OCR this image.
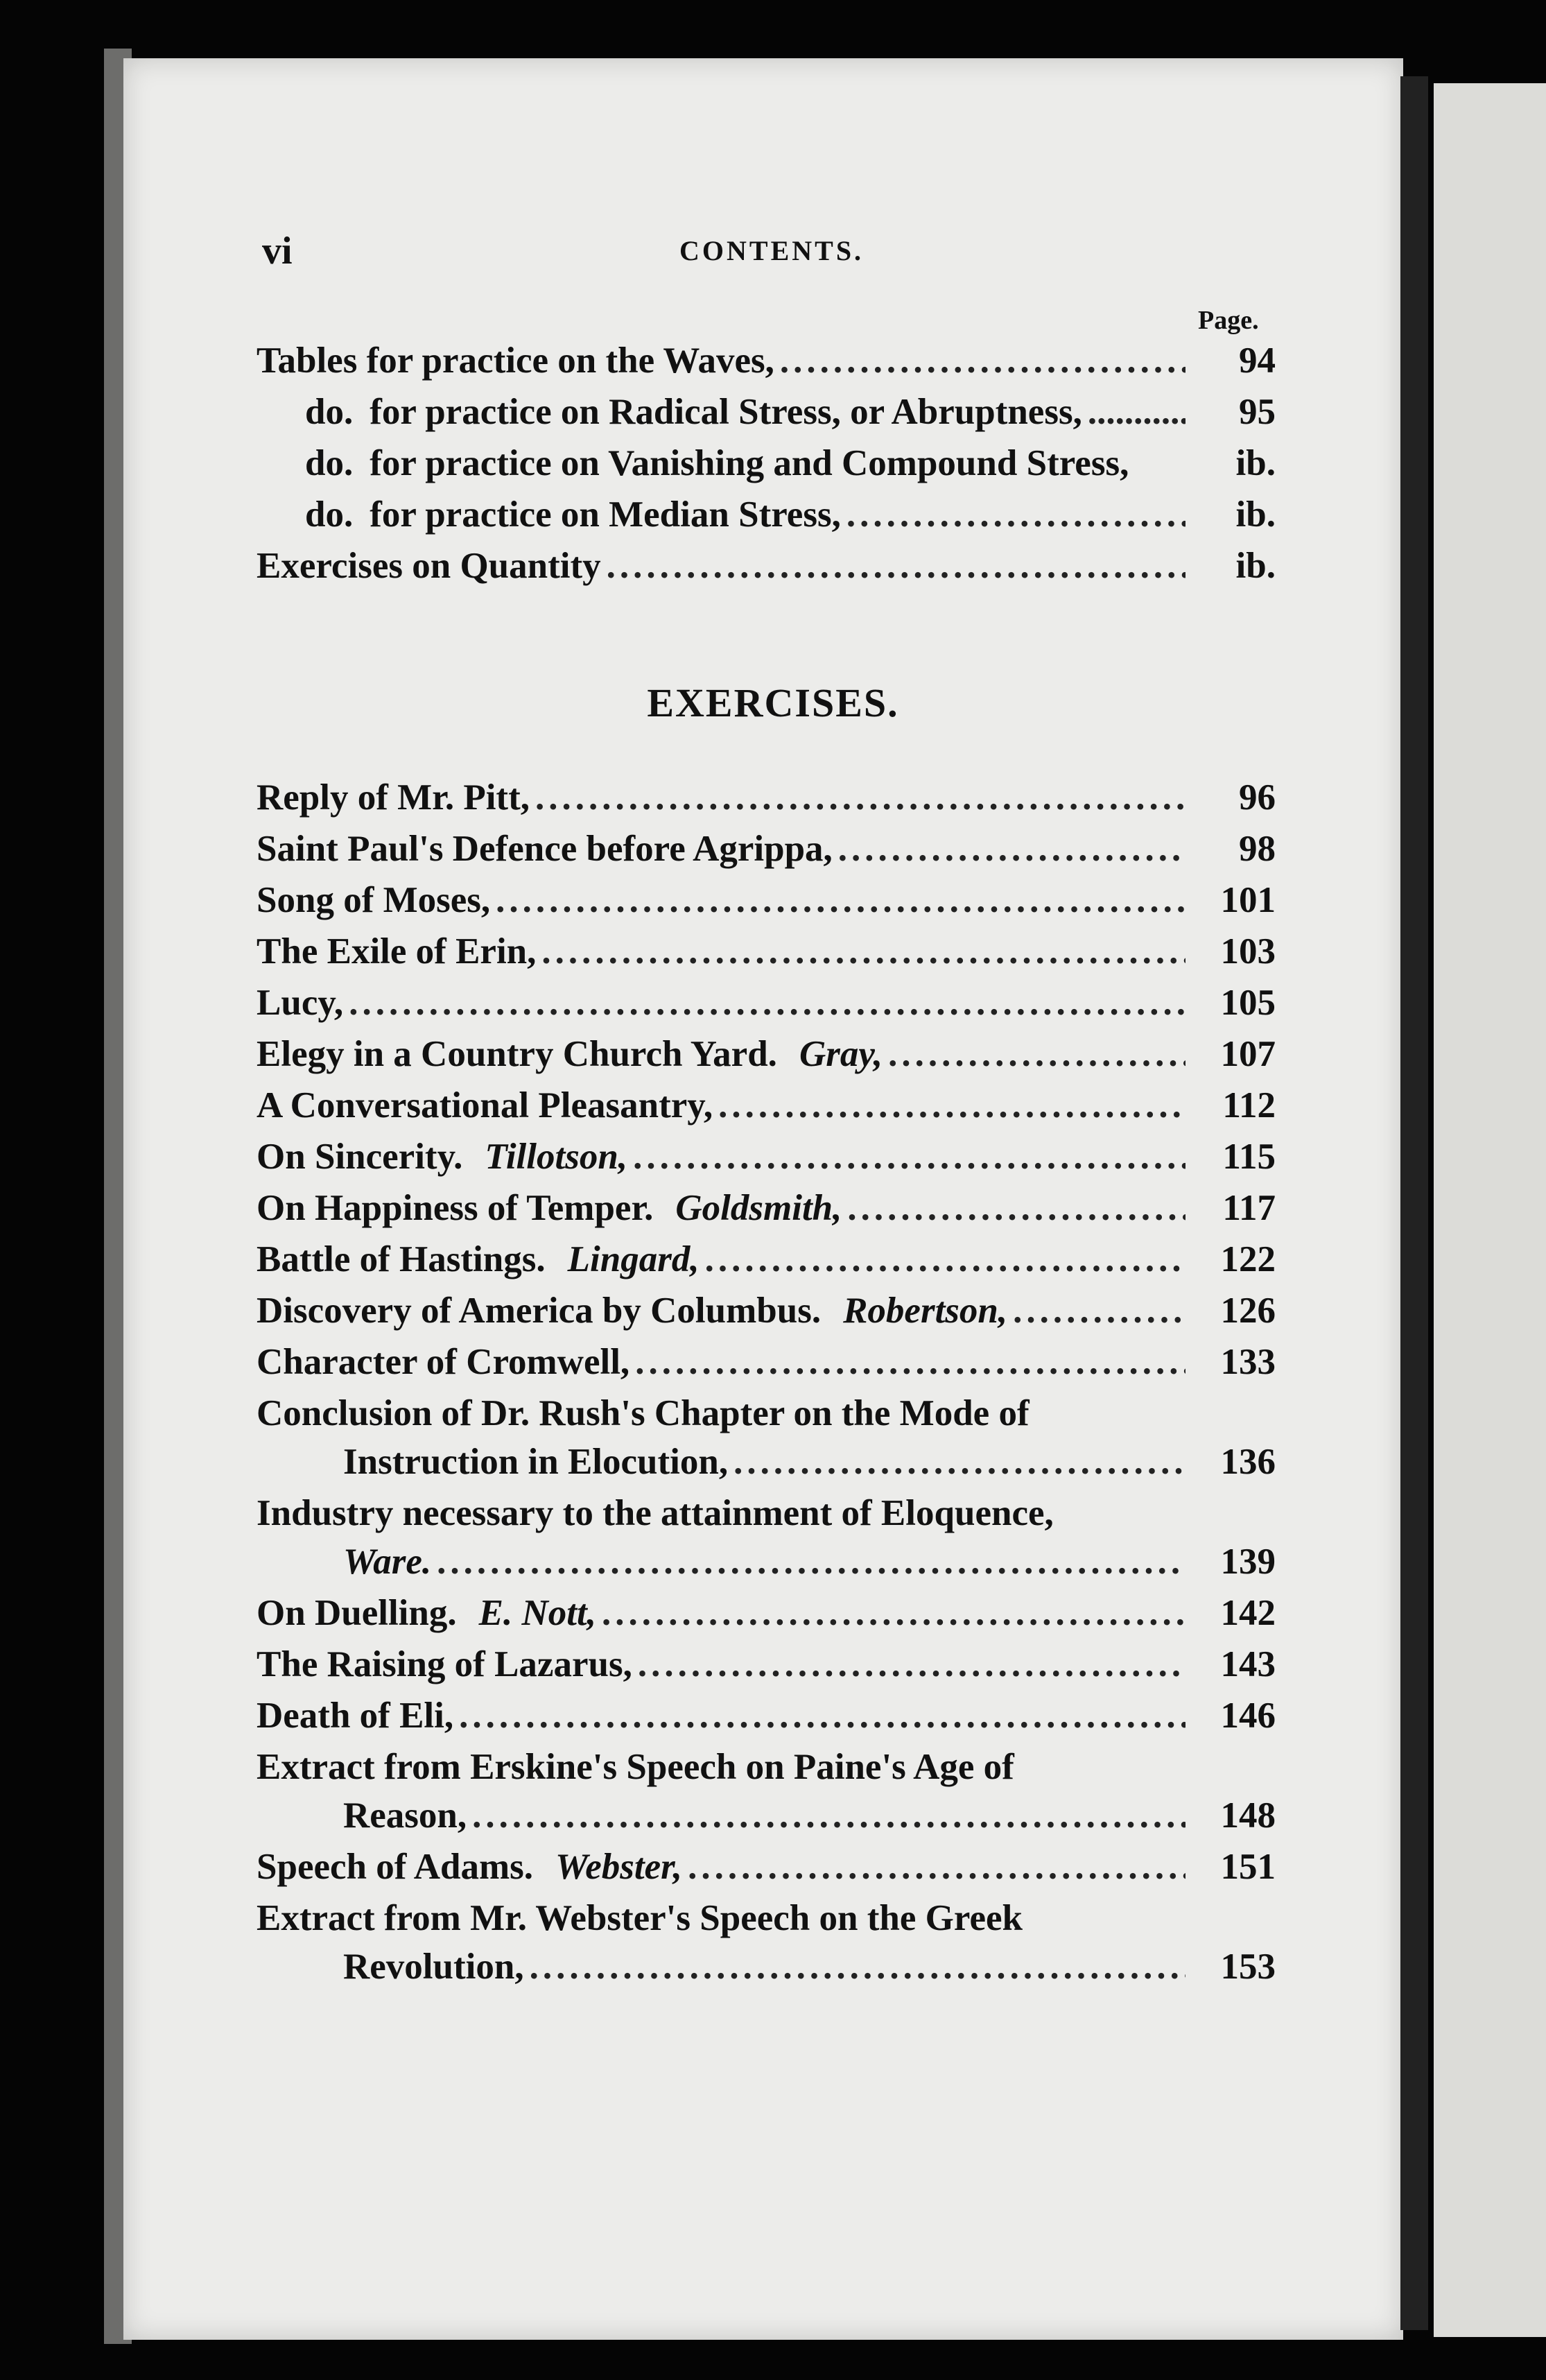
vi	CONTENTS.
Page.
Tables for practice on the Waves, .....	94
do. for practice on Radical Stress, or Abruptness, .....	95
do. for practice on Vanishing and Compound Stress,	ib.
do. for practice on Median Stress, .....	ib.
Exercises on Quantity .....	ib.
EXERCISES.
Reply of Mr. Pitt, .....	96
Saint Paul's Defence before Agrippa, .....	98
Song of Moses, .....	101
The Exile of Erin, .....	103
Lucy, .....	105
Elegy in a Country Church Yard. Gray, .....	107
A Conversational Pleasantry, .....	112
On Sincerity. Tillotson, .....	115
On Happiness of Temper. Goldsmith, .....	117
Battle of Hastings. Lingard, .....	122
Discovery of America by Columbus. Robertson, .....	126
Character of Cromwell, .....	133
Conclusion of Dr. Rush's Chapter on the Mode of
Instruction in Elocution, .....	136
Industry necessary to the attainment of Eloquence,
Ware. .....	139
On Duelling. E. Nott, .....	142
The Raising of Lazarus, .....	143
Death of Eli, .....	146
Extract from Erskine's Speech on Paine's Age of
Reason, .....	148
Speech of Adams. Webster, .....	151
Extract from Mr. Webster's Speech on the Greek
Revolution, .....	153
